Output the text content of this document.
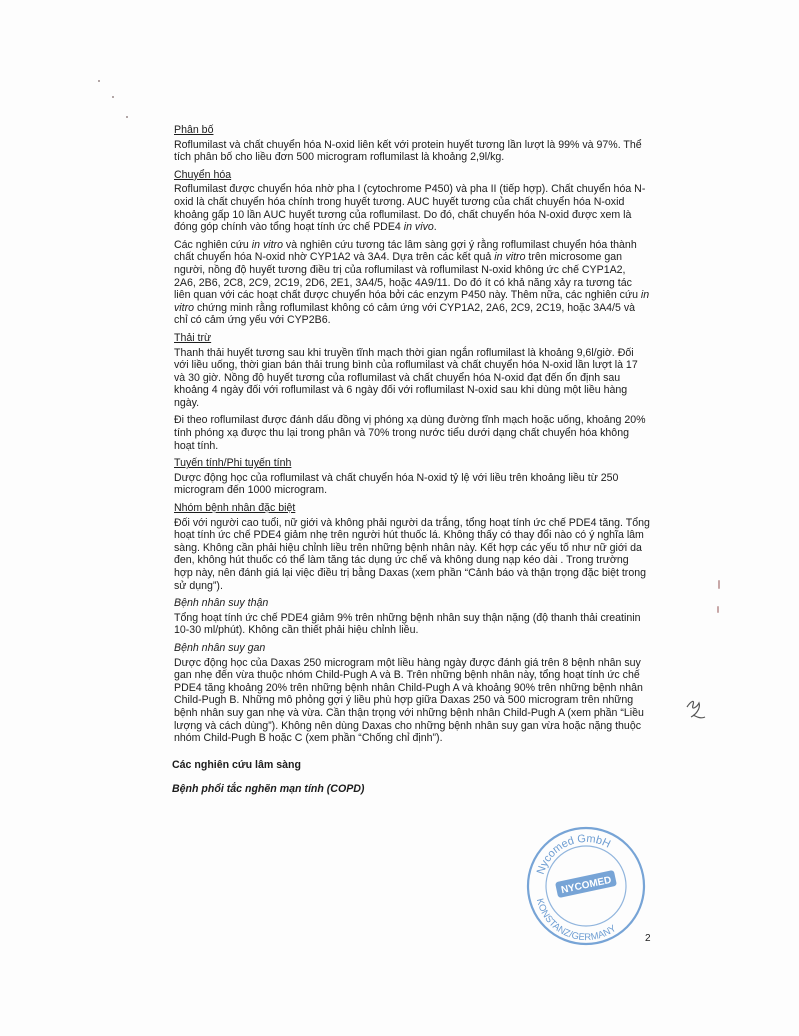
Phân bố
Roflumilast và chất chuyển hóa N-oxid liên kết với protein huyết tương lần lượt là 99% và 97%. Thể tích phân bố cho liều đơn 500 microgram roflumilast là khoảng 2,9l/kg.
Chuyển hóa
Roflumilast được chuyển hóa nhờ pha I (cytochrome P450) và pha II (tiếp hợp). Chất chuyển hóa N-oxid là chất chuyển hóa chính trong huyết tương. AUC huyết tương của chất chuyển hóa N-oxid khoảng gấp 10 lần AUC huyết tương của roflumilast. Do đó, chất chuyển hóa N-oxid được xem là đóng góp chính vào tổng hoạt tính ức chế PDE4 in vivo.
Các nghiên cứu in vitro và nghiên cứu tương tác lâm sàng gợi ý rằng roflumilast chuyển hóa thành chất chuyển hóa N-oxid nhờ CYP1A2 và 3A4. Dựa trên các kết quả in vitro trên microsome gan người, nồng độ huyết tương điều trị của roflumilast và roflumilast N-oxid không ức chế CYP1A2, 2A6, 2B6, 2C8, 2C9, 2C19, 2D6, 2E1, 3A4/5, hoặc 4A9/11. Do đó ít có khả năng xảy ra tương tác liên quan với các hoạt chất được chuyển hóa bởi các enzym P450 này. Thêm nữa, các nghiên cứu in vitro chứng minh rằng roflumilast không có cảm ứng với CYP1A2, 2A6, 2C9, 2C19, hoặc 3A4/5 và chỉ có cảm ứng yếu với CYP2B6.
Thải trừ
Thanh thải huyết tương sau khi truyền tĩnh mạch thời gian ngắn roflumilast là khoảng 9,6l/giờ. Đối với liều uống, thời gian bán thải trung bình của roflumilast và chất chuyển hóa N-oxid lần lượt là 17 và 30 giờ. Nồng độ huyết tương của roflumilast và chất chuyển hóa N-oxid đạt đến ổn định sau khoảng 4 ngày đối với roflumilast và 6 ngày đối với roflumilast N-oxid sau khi dùng một liều hàng ngày.
Đi theo roflumilast được đánh dấu đồng vị phóng xạ dùng đường tĩnh mạch hoặc uống, khoảng 20% tính phóng xạ được thu lại trong phân và 70% trong nước tiểu dưới dạng chất chuyển hóa không hoạt tính.
Tuyến tính/Phi tuyến tính
Dược động học của roflumilast và chất chuyển hóa N-oxid tỷ lệ với liều trên khoảng liều từ 250 microgram đến 1000 microgram.
Nhóm bệnh nhân đặc biệt
Đối với người cao tuổi, nữ giới và không phải người da trắng, tổng hoạt tính ức chế PDE4 tăng. Tổng hoạt tính ức chế PDE4 giảm nhẹ trên người hút thuốc lá. Không thấy có thay đổi nào có ý nghĩa lâm sàng. Không cần phải hiệu chỉnh liều trên những bệnh nhân này. Kết hợp các yếu tố như nữ giới da đen, không hút thuốc có thể làm tăng tác dụng ức chế và không dung nạp kéo dài . Trong trường hợp này, nên đánh giá lại việc điều trị bằng Daxas (xem phần “Cảnh báo và thận trọng đặc biệt trong sử dụng”).
Bệnh nhân suy thận
Tổng hoạt tính ức chế PDE4 giảm 9% trên những bệnh nhân suy thận nặng (độ thanh thải creatinin 10-30 ml/phút). Không cần thiết phải hiệu chỉnh liều.
Bệnh nhân suy gan
Dược động học của Daxas 250 microgram một liều hàng ngày được đánh giá trên 8 bệnh nhân suy gan nhẹ đến vừa thuộc nhóm Child-Pugh A và B. Trên những bệnh nhân này, tổng hoạt tính ức chế PDE4 tăng khoảng 20% trên những bệnh nhân Child-Pugh A và khoảng 90% trên những bệnh nhân Child-Pugh B. Những mô phỏng gợi ý liều phù hợp giữa Daxas 250 và 500 microgram trên những bệnh nhân suy gan nhẹ và vừa. Cần thận trọng với những bệnh nhân Child-Pugh A (xem phần “Liều lượng và cách dùng”). Không nên dùng Daxas cho những bệnh nhân suy gan vừa hoặc nặng thuộc nhóm Child-Pugh B hoặc C (xem phần “Chống chỉ định”).
Các nghiên cứu lâm sàng
Bệnh phổi tắc nghẽn mạn tính (COPD)
Nycomed GmbH
NYCOMED
KONSTANZ/GERMANY
2
